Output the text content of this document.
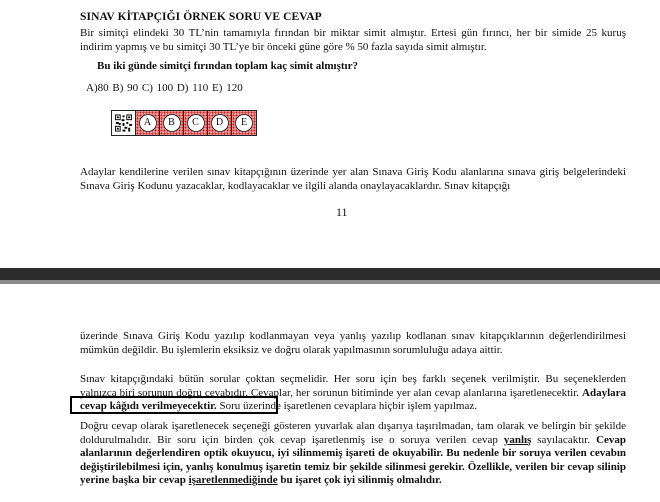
SINAV KİTAPÇIĞI ÖRNEK SORU VE CEVAP
Bir simitçi elindeki 30 TL’nin tamamıyla fırından bir miktar simit almıştır. Ertesi gün fırıncı, her bir simide 25 kuruş indirim yapmış ve bu simitçi 30 TL’ye bir önceki güne göre % 50 fazla sayıda simit almıştır.
Bu iki günde simitçi fırından toplam kaç simit almıştır?
A)80 B) 90 C) 100 D) 110 E) 120
A	B	C	D	E
Adaylar kendilerine verilen sınav kitapçığının üzerinde yer alan Sınava Giriş Kodu alanlarına sınava giriş belgelerindeki Sınava Giriş Kodunu yazacaklar, kodlayacaklar ve ilgili alanda onaylayacaklardır. Sınav kitapçığı
11
üzerinde Sınava Giriş Kodu yazılıp kodlanmayan veya yanlış yazılıp kodlanan sınav kitapçıklarının değerlendirilmesi mümkün değildir. Bu işlemlerin eksiksiz ve doğru olarak yapılmasının sorumluluğu adaya aittir.
Sınav kitapçığındaki bütün sorular çoktan seçmelidir. Her soru için beş farklı seçenek verilmiştir. Bu seçeneklerden yalnızca biri sorunun doğru cevabıdır. Cevaplar, her sorunun bitiminde yer alan cevap alanlarına işaretlenecektir. Adaylara cevap kâğıdı verilmeyecektir. Soru üzerinde işaretlenen cevaplara hiçbir işlem yapılmaz.
Doğru cevap olarak işaretlenecek seçeneği gösteren yuvarlak alan dışarıya taşırılmadan, tam olarak ve belirgin bir şekilde doldurulmalıdır. Bir soru için birden çok cevap işaretlenmiş ise o soruya verilen cevap yanlış sayılacaktır. Cevap alanlarının değerlendiren optik okuyucu, iyi silinmemiş işareti de okuyabilir. Bu nedenle bir soruya verilen cevabın değiştirilebilmesi için, yanlış konulmuş işaretin temiz bir şekilde silinmesi gerekir. Özellikle, verilen bir cevap silinip yerine başka bir cevap işaretlenmediğinde bu işaret çok iyi silinmiş olmalıdır.
